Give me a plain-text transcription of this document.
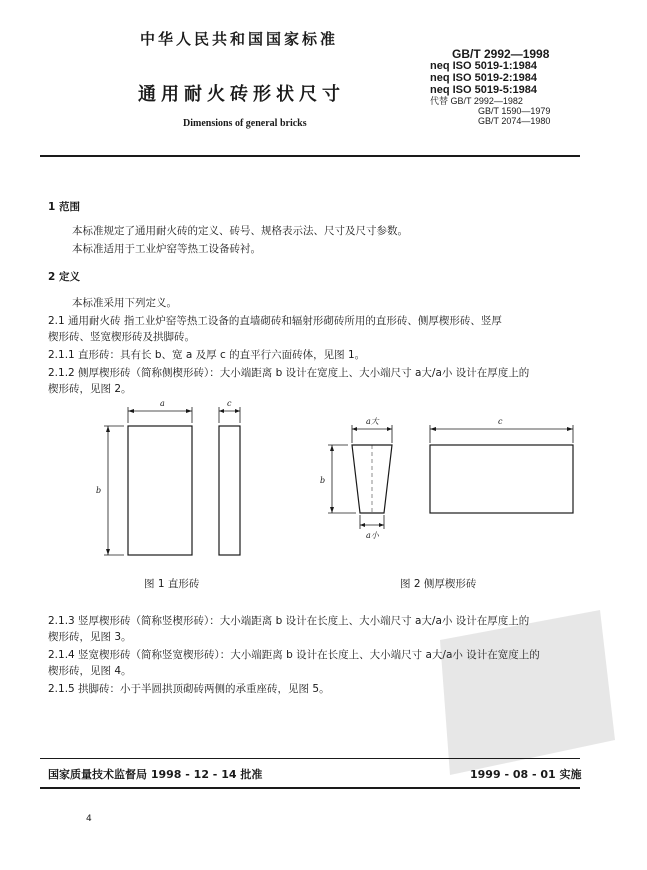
中华人民共和国国家标准
通用耐火砖形状尺寸
Dimensions of general bricks
GB/T 2992—1998
neq ISO 5019-1:1984
neq ISO 5019-2:1984
neq ISO 5019-5:1984
代替 GB/T 2992—1982
GB/T 1590—1979
GB/T 2074—1980
1 范围
本标准规定了通用耐火砖的定义、砖号、规格表示法、尺寸及尺寸参数。
本标准适用于工业炉窑等热工设备砖衬。
2 定义
本标准采用下列定义。
2.1 通用耐火砖 指工业炉窑等热工设备的直墙砌砖和辐射形砌砖所用的直形砖、侧厚楔形砖、竖厚
楔形砖、竖宽楔形砖及拱脚砖。
2.1.1 直形砖：具有长 b、宽 a 及厚 c 的直平行六面砖体，见图 1。
2.1.2 侧厚楔形砖（简称侧楔形砖）：大小端距离 b 设计在宽度上、大小端尺寸 a大/a小 设计在厚度上的
楔形砖，见图 2。
a	c
b
a大
a小
b
c
图 1 直形砖	图 2 侧厚楔形砖
2.1.3 竖厚楔形砖（简称竖楔形砖）：大小端距离 b 设计在长度上、大小端尺寸 a大/a小 设计在厚度上的
楔形砖，见图 3。
2.1.4 竖宽楔形砖（简称竖宽楔形砖）：大小端距离 b 设计在长度上、大小端尺寸 a大/a小 设计在宽度上的
楔形砖，见图 4。
2.1.5 拱脚砖：小于半圆拱顶砌砖两侧的承重座砖，见图 5。
国家质量技术监督局 1998 - 12 - 14 批准	1999 - 08 - 01 实施
4
